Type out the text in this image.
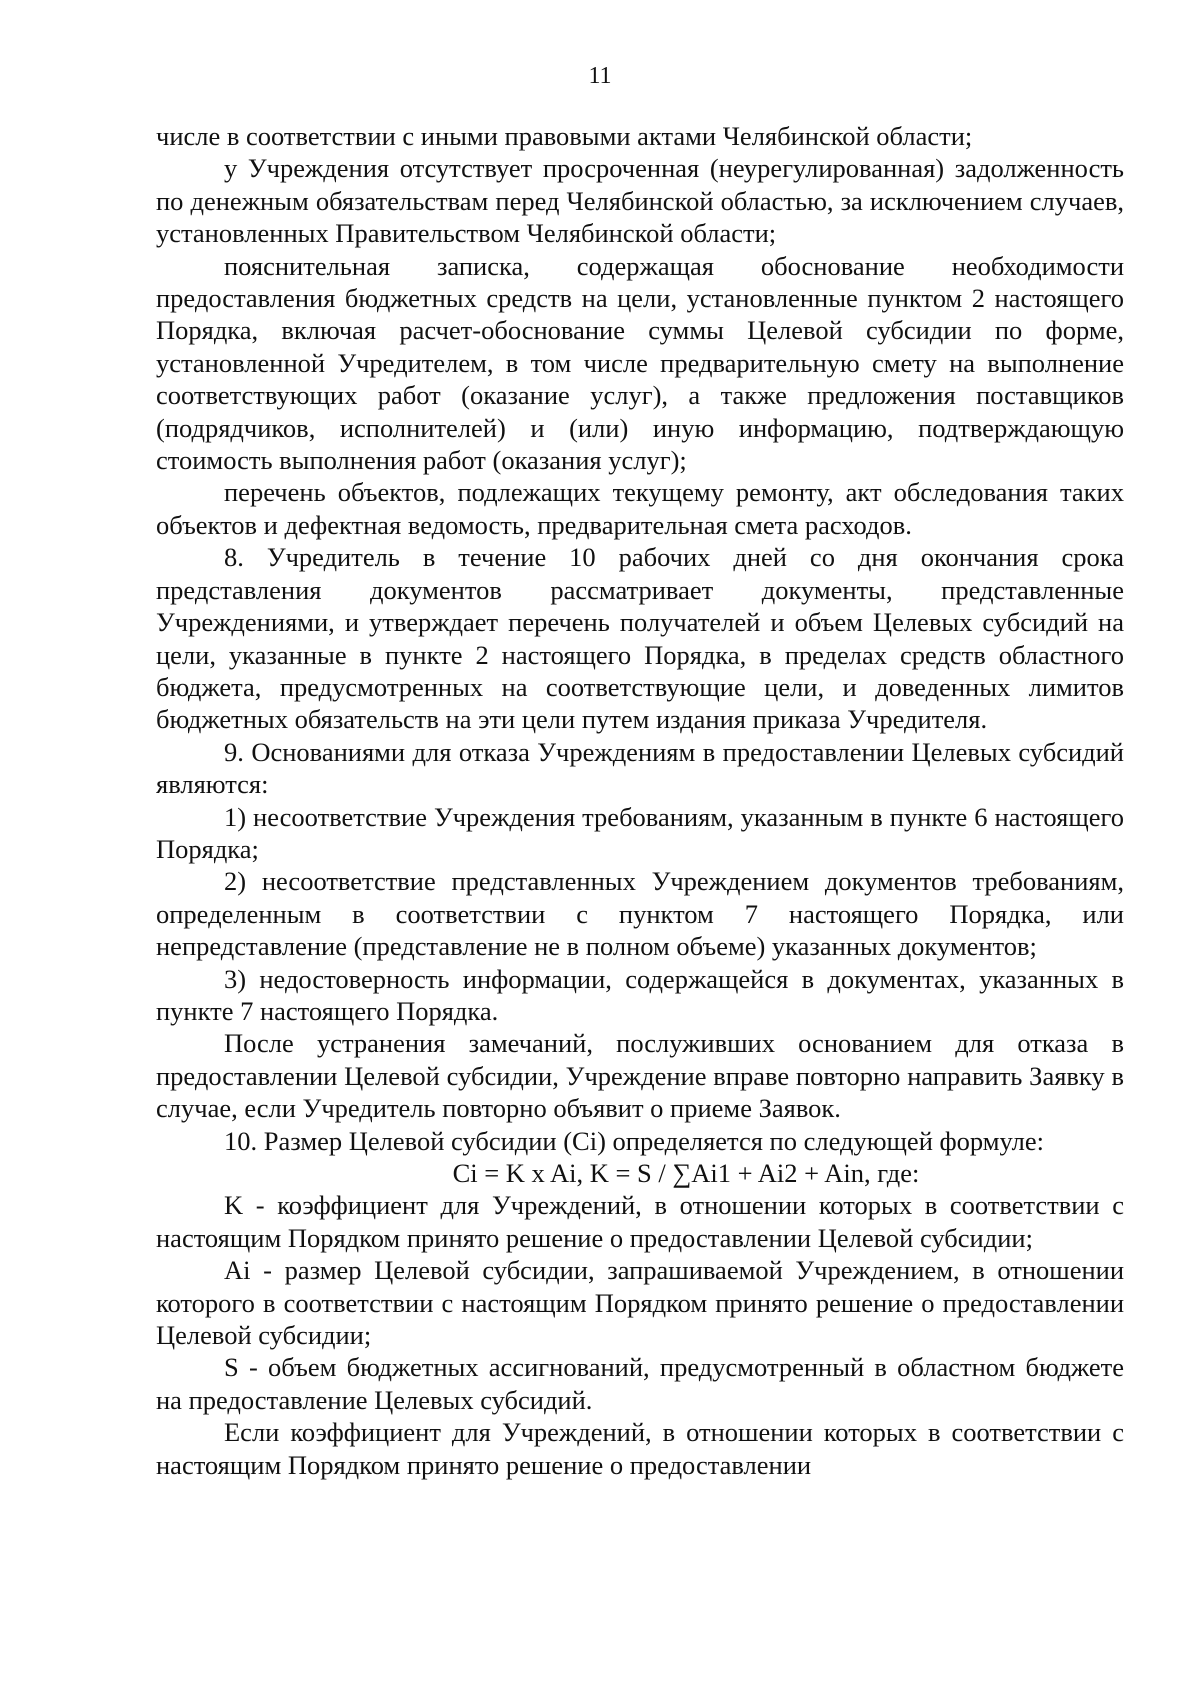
11

числе в соответствии с иными правовыми актами Челябинской области;

у Учреждения отсутствует просроченная (неурегулированная) задолженность по денежным обязательствам перед Челябинской областью, за исключением случаев, установленных Правительством Челябинской области;

пояснительная записка, содержащая обоснование необходимости предоставления бюджетных средств на цели, установленные пунктом 2 настоящего Порядка, включая расчет-обоснование суммы Целевой субсидии по форме, установленной Учредителем, в том числе предварительную смету на выполнение соответствующих работ (оказание услуг), а также предложения поставщиков (подрядчиков, исполнителей) и (или) иную информацию, подтверждающую стоимость выполнения работ (оказания услуг);

перечень объектов, подлежащих текущему ремонту, акт обследования таких объектов и дефектная ведомость, предварительная смета расходов.

8. Учредитель в течение 10 рабочих дней со дня окончания срока представления документов рассматривает документы, представленные Учреждениями, и утверждает перечень получателей и объем Целевых субсидий на цели, указанные в пункте 2 настоящего Порядка, в пределах средств областного бюджета, предусмотренных на соответствующие цели, и доведенных лимитов бюджетных обязательств на эти цели путем издания приказа Учредителя.

9. Основаниями для отказа Учреждениям в предоставлении Целевых субсидий являются:

1) несоответствие Учреждения требованиям, указанным в пункте 6 настоящего Порядка;

2) несоответствие представленных Учреждением документов требованиям, определенным в соответствии с пунктом 7 настоящего Порядка, или непредставление (представление не в полном объеме) указанных документов;

3) недостоверность информации, содержащейся в документах, указанных в пункте 7 настоящего Порядка.

После устранения замечаний, послуживших основанием для отказа в предоставлении Целевой субсидии, Учреждение вправе повторно направить Заявку в случае, если Учредитель повторно объявит о приеме Заявок.

10. Размер Целевой субсидии (Ci) определяется по следующей формуле:

Ci = K x Ai, K = S / ∑Ai1 + Ai2 + Ain, где:

K - коэффициент для Учреждений, в отношении которых в соответствии с настоящим Порядком принято решение о предоставлении Целевой субсидии;

Ai - размер Целевой субсидии, запрашиваемой Учреждением, в отношении которого в соответствии с настоящим Порядком принято решение о предоставлении Целевой субсидии;

S - объем бюджетных ассигнований, предусмотренный в областном бюджете на предоставление Целевых субсидий.

Если коэффициент для Учреждений, в отношении которых в соответствии с настоящим Порядком принято решение о предоставлении
